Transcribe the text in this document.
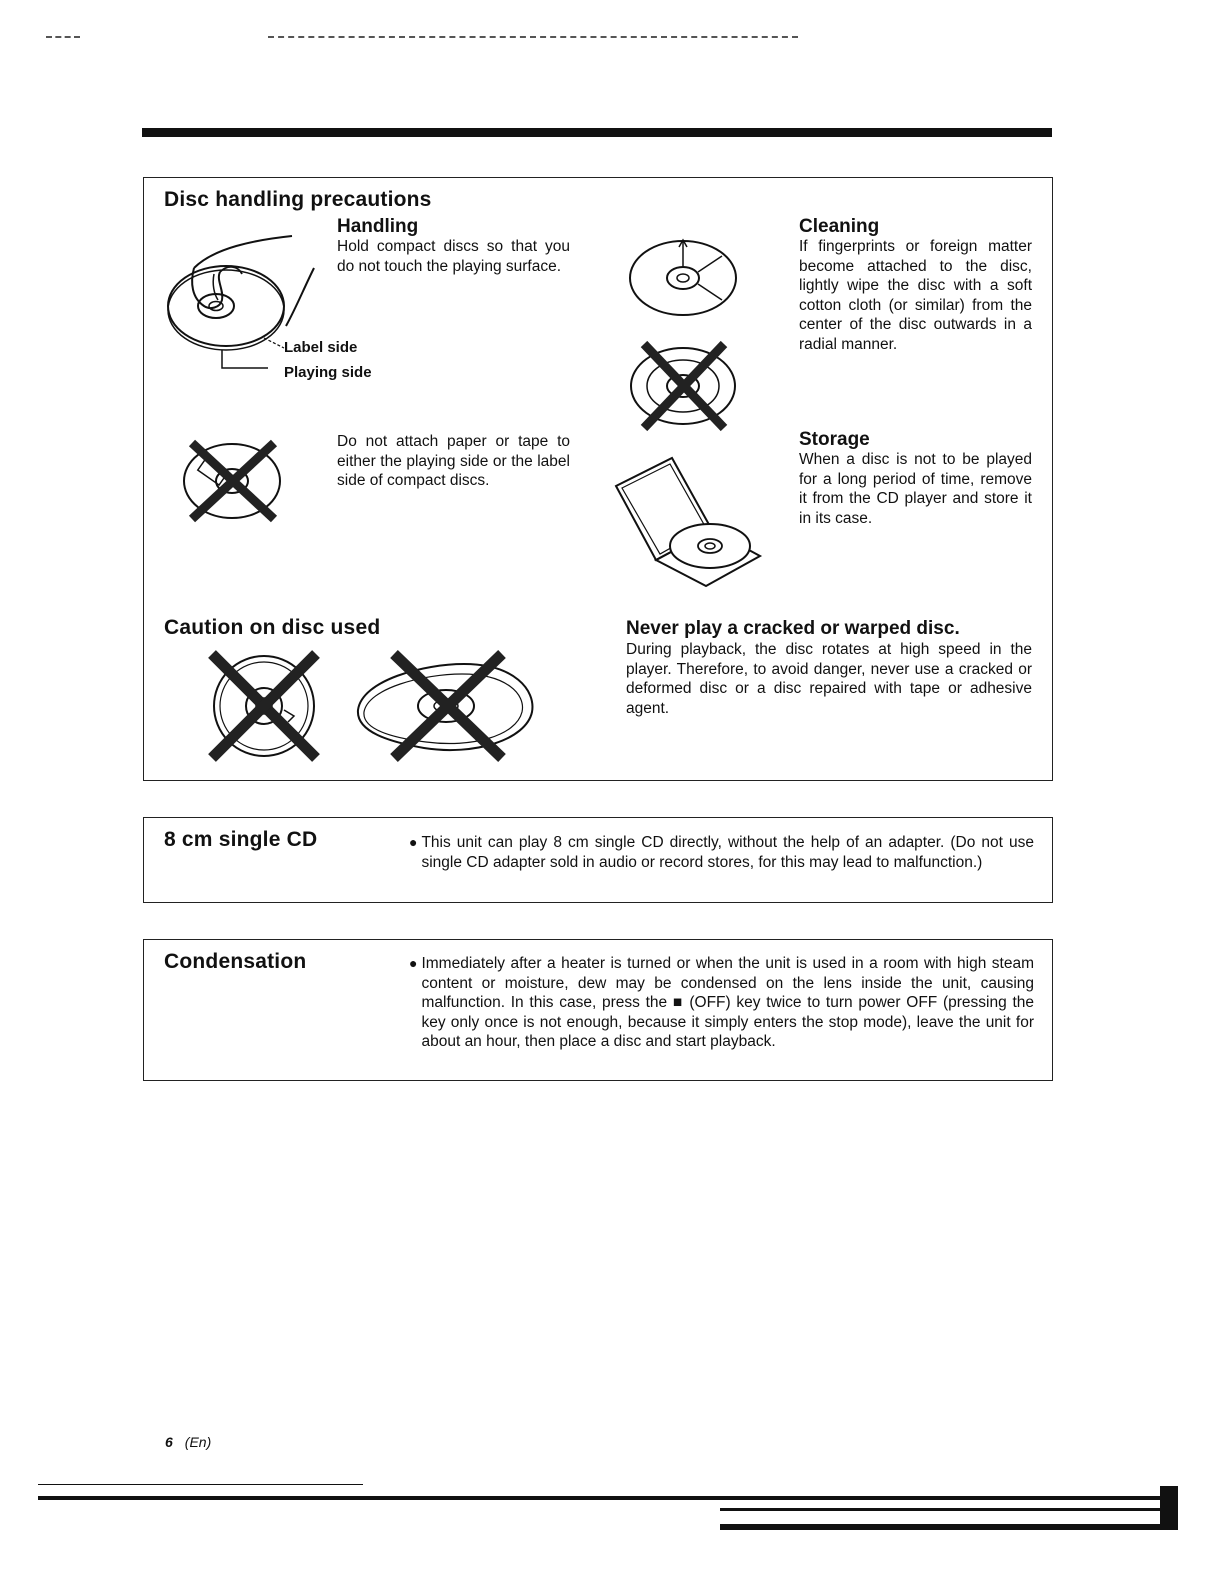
Disc handling precautions
Handling
Hold compact discs so that you do not touch the playing surface.
Label side
Playing side
Do not attach paper or tape to either the playing side or the label side of compact discs.
Cleaning
If fingerprints or foreign matter become attached to the disc, lightly wipe the disc with a soft cotton cloth (or similar) from the center of the disc outwards in a radial manner.
Storage
When a disc is not to be played for a long period of time, remove it from the CD player and store it in its case.
Caution on disc used	Never play a cracked or warped disc.
During playback, the disc rotates at high speed in the player. Therefore, to avoid danger, never use a cracked or deformed disc or a disc repaired with tape or adhesive agent.
8 cm single CD	● This unit can play 8 cm single CD directly, without the help of an adapter. (Do not use single CD adapter sold in audio or record stores, for this may lead to malfunction.)
Condensation	● Immediately after a heater is turned or when the unit is used in a room with high steam content or moisture, dew may be condensed on the lens inside the unit, causing malfunction. In this case, press the ■ (OFF) key twice to turn power OFF (pressing the key only once is not enough, because it simply enters the stop mode), leave the unit for about an hour, then place a disc and start playback.
6 (En)
